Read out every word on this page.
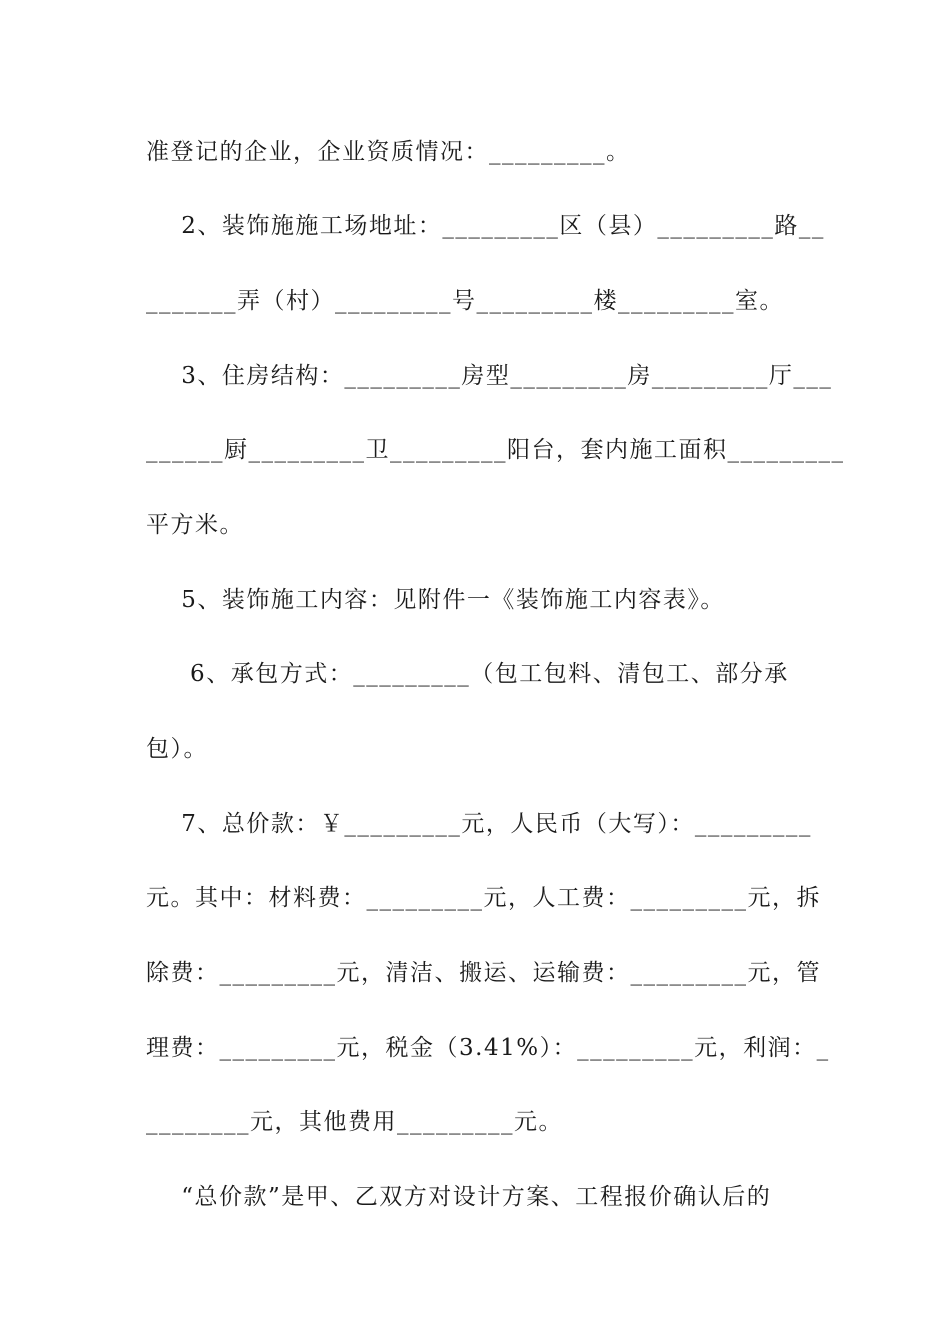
准登记的企业，企业资质情况：_________。
2、装饰施施工场地址：_________区（县）_________路__
_______弄（村）_________号_________楼_________室。
3、住房结构：_________房型_________房_________厅___
______厨_________卫_________阳台，套内施工面积_________
平方米。
5、装饰施工内容：见附件一《装饰施工内容表》。
6、承包方式：_________（包工包料、清包工、部分承
包）。
7、总价款：￥_________元，人民币（大写）：_________
元。其中：材料费：_________元，人工费：_________元，拆
除费：_________元，清洁、搬运、运输费：_________元，管
理费：_________元，税金（3.41%）：_________元，利润：_
________元，其他费用_________元。
“总价款”是甲、乙双方对设计方案、工程报价确认后的
